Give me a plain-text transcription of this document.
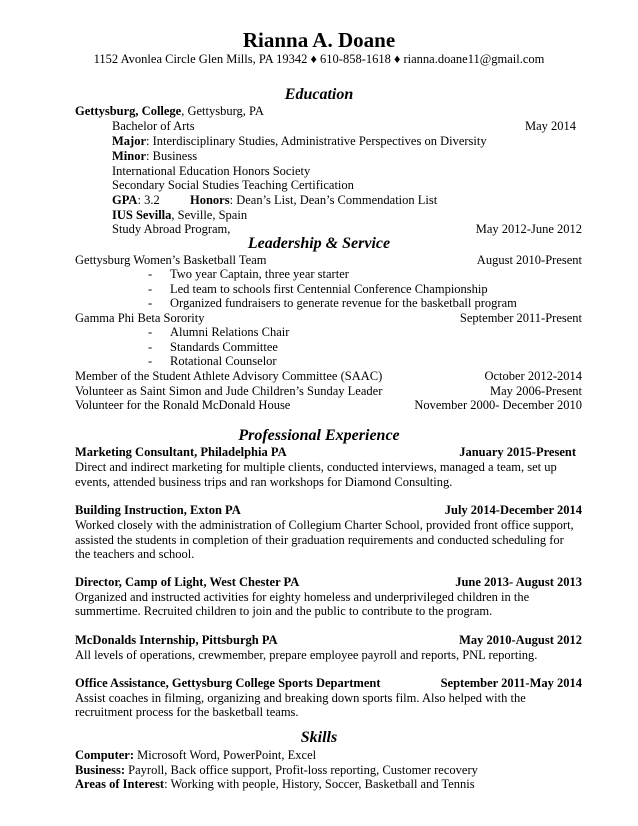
Rianna A. Doane
1152 Avonlea Circle Glen Mills, PA 19342 ♦ 610-858-1618 ♦ rianna.doane11@gmail.com
Education
Gettysburg, College, Gettysburg, PA
Bachelor of Arts	May 2014
Major: Interdisciplinary Studies, Administrative Perspectives on Diversity
Minor: Business
International Education Honors Society
Secondary Social Studies Teaching Certification
GPA: 3.2 Honors: Dean’s List, Dean’s Commendation List
IUS Sevilla, Seville, Spain
Study Abroad Program,	May 2012-June 2012
Leadership & Service
Gettysburg Women’s Basketball Team	August 2010-Present
- Two year Captain, three year starter
- Led team to schools first Centennial Conference Championship
- Organized fundraisers to generate revenue for the basketball program
Gamma Phi Beta Sorority	September 2011-Present
- Alumni Relations Chair
- Standards Committee
- Rotational Counselor
Member of the Student Athlete Advisory Committee (SAAC)	October 2012-2014
Volunteer as Saint Simon and Jude Children’s Sunday Leader	May 2006-Present
Volunteer for the Ronald McDonald House	November 2000- December 2010
Professional Experience
Marketing Consultant, Philadelphia PA	January 2015-Present
Direct and indirect marketing for multiple clients, conducted interviews, managed a team, set up
events, attended business trips and ran workshops for Diamond Consulting.
Building Instruction, Exton PA	July 2014-December 2014
Worked closely with the administration of Collegium Charter School, provided front office support,
assisted the students in completion of their graduation requirements and conducted scheduling for
the teachers and school.
Director, Camp of Light, West Chester PA	June 2013- August 2013
Organized and instructed activities for eighty homeless and underprivileged children in the
summertime. Recruited children to join and the public to contribute to the program.
McDonalds Internship, Pittsburgh PA	May 2010-August 2012
All levels of operations, crewmember, prepare employee payroll and reports, PNL reporting.
Office Assistance, Gettysburg College Sports Department	September 2011-May 2014
Assist coaches in filming, organizing and breaking down sports film. Also helped with the
recruitment process for the basketball teams.
Skills
Computer: Microsoft Word, PowerPoint, Excel
Business: Payroll, Back office support, Profit-loss reporting, Customer recovery
Areas of Interest: Working with people, History, Soccer, Basketball and Tennis
